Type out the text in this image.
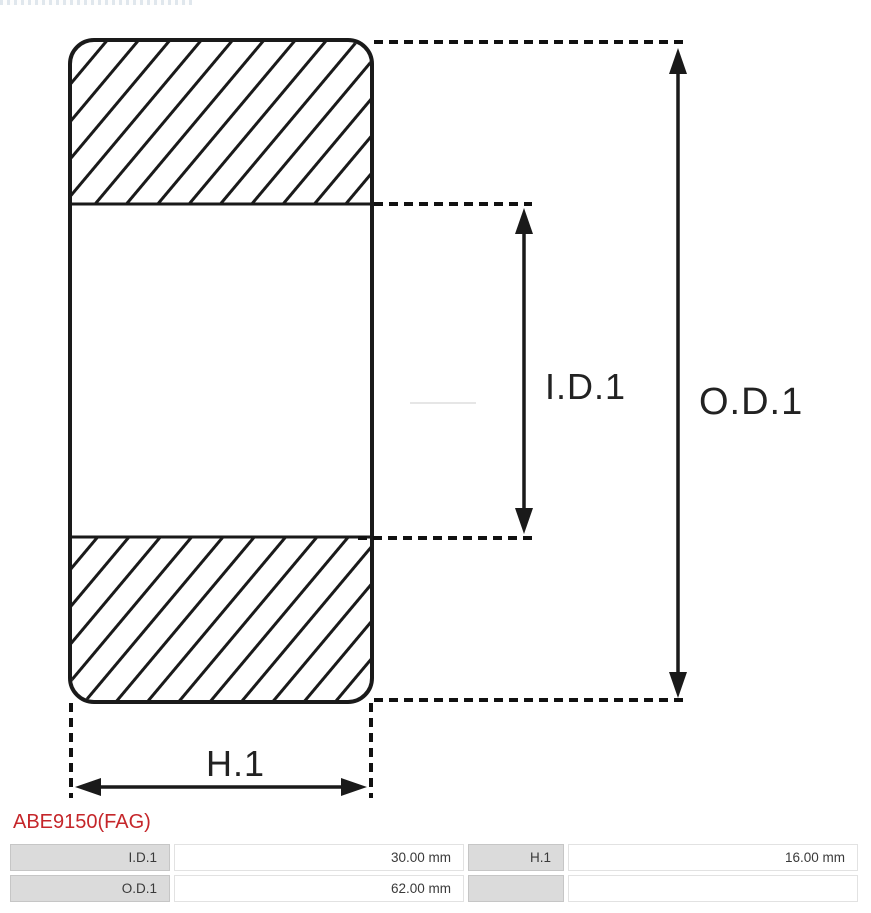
I.D.1 O.D.1
H.1
ABE9150(FAG)
I.D.1	30.00 mm	H.1	16.00 mm
O.D.1	62.00 mm
